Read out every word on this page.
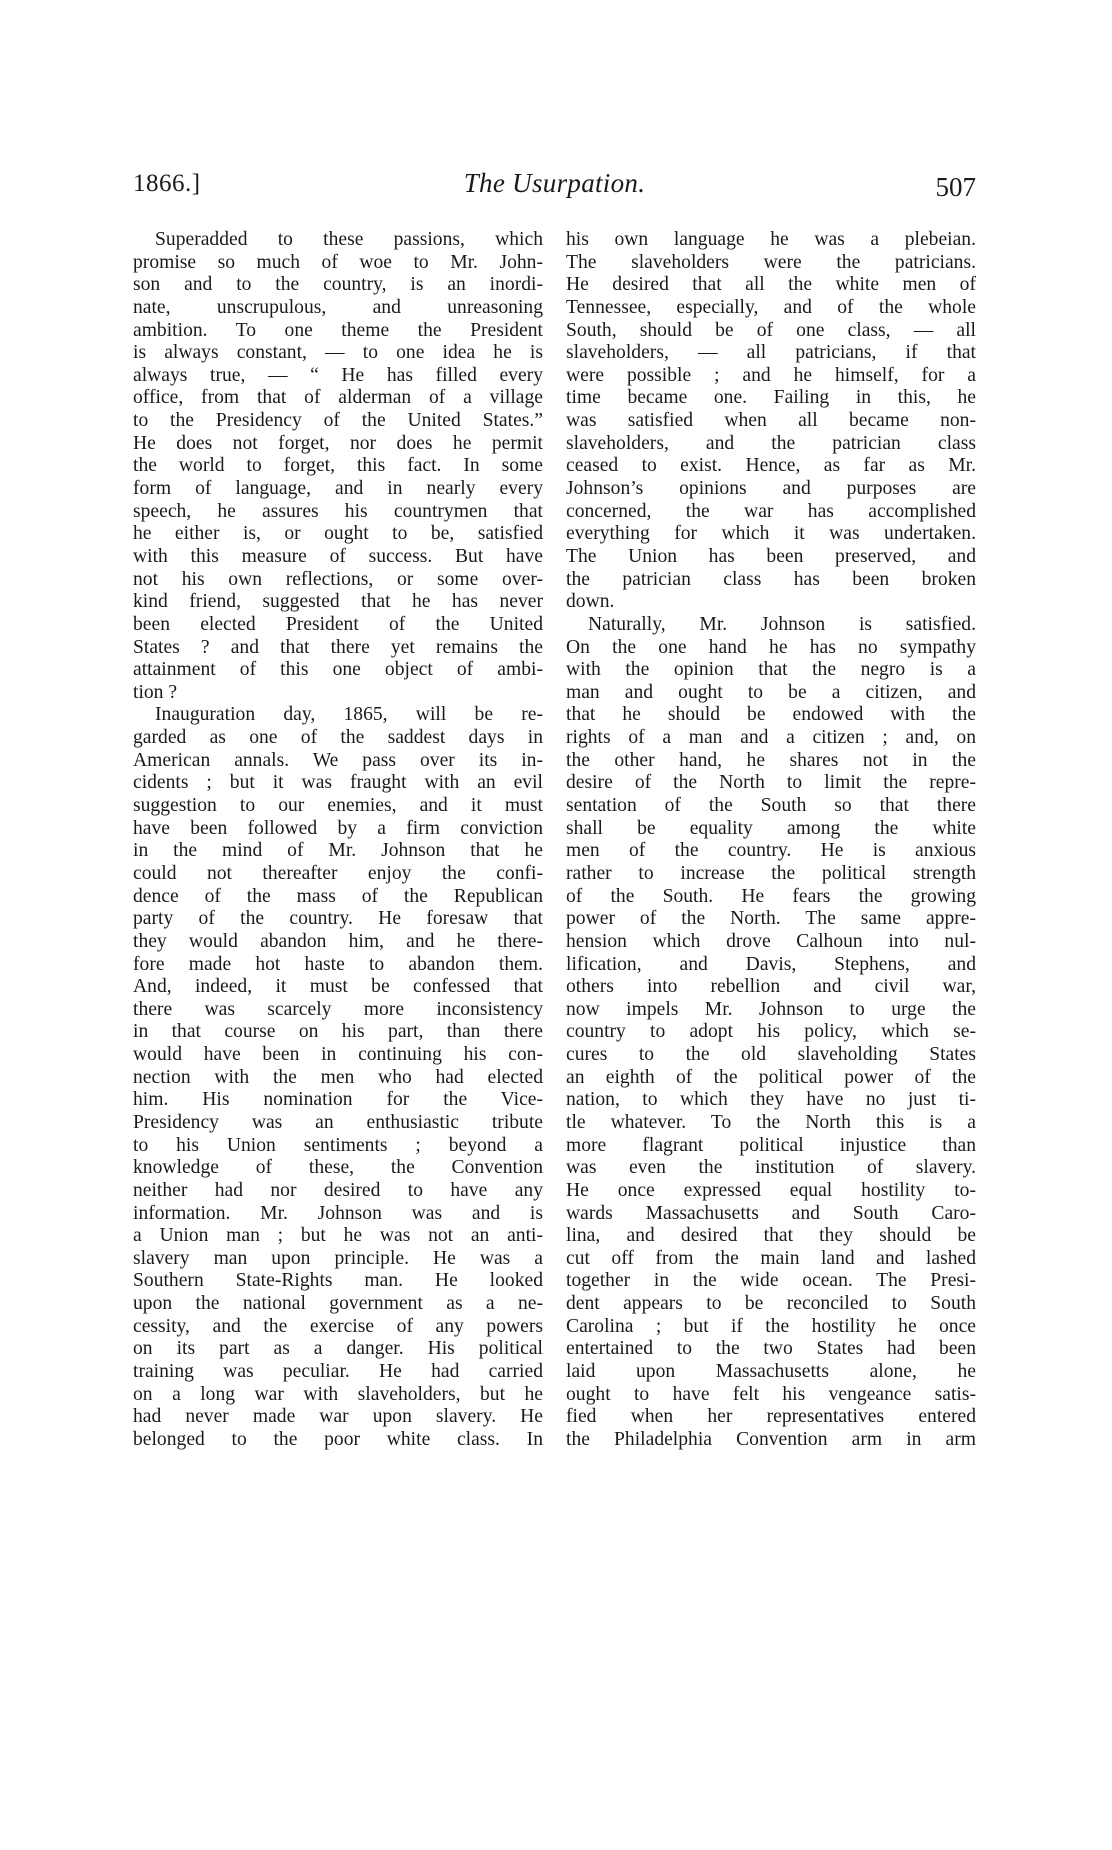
1866.]	The Usurpation.	507
Superadded to these passions, which
promise so much of woe to Mr. John-
son and to the country, is an inordi-
nate, unscrupulous, and unreasoning
ambition. To one theme the President
is always constant, — to one idea he is
always true, — “ He has filled every
office, from that of alderman of a village
to the Presidency of the United States.”
He does not forget, nor does he permit
the world to forget, this fact. In some
form of language, and in nearly every
speech, he assures his countrymen that
he either is, or ought to be, satisfied
with this measure of success. But have
not his own reflections, or some over-
kind friend, suggested that he has never
been elected President of the United
States ? and that there yet remains the
attainment of this one object of ambi-
tion ?
Inauguration day, 1865, will be re-
garded as one of the saddest days in
American annals. We pass over its in-
cidents ; but it was fraught with an evil
suggestion to our enemies, and it must
have been followed by a firm conviction
in the mind of Mr. Johnson that he
could not thereafter enjoy the confi-
dence of the mass of the Republican
party of the country. He foresaw that
they would abandon him, and he there-
fore made hot haste to abandon them.
And, indeed, it must be confessed that
there was scarcely more inconsistency
in that course on his part, than there
would have been in continuing his con-
nection with the men who had elected
him. His nomination for the Vice-
Presidency was an enthusiastic tribute
to his Union sentiments ; beyond a
knowledge of these, the Convention
neither had nor desired to have any
information. Mr. Johnson was and is
a Union man ; but he was not an anti-
slavery man upon principle. He was a
Southern State-Rights man. He looked
upon the national government as a ne-
cessity, and the exercise of any powers
on its part as a danger. His political
training was peculiar. He had carried
on a long war with slaveholders, but he
had never made war upon slavery. He
belonged to the poor white class. In
his own language he was a plebeian.
The slaveholders were the patricians.
He desired that all the white men of
Tennessee, especially, and of the whole
South, should be of one class, — all
slaveholders, — all patricians, if that
were possible ; and he himself, for a
time became one. Failing in this, he
was satisfied when all became non-
slaveholders, and the patrician class
ceased to exist. Hence, as far as Mr.
Johnson’s opinions and purposes are
concerned, the war has accomplished
everything for which it was undertaken.
The Union has been preserved, and
the patrician class has been broken
down.
Naturally, Mr. Johnson is satisfied.
On the one hand he has no sympathy
with the opinion that the negro is a
man and ought to be a citizen, and
that he should be endowed with the
rights of a man and a citizen ; and, on
the other hand, he shares not in the
desire of the North to limit the repre-
sentation of the South so that there
shall be equality among the white
men of the country. He is anxious
rather to increase the political strength
of the South. He fears the growing
power of the North. The same appre-
hension which drove Calhoun into nul-
lification, and Davis, Stephens, and
others into rebellion and civil war,
now impels Mr. Johnson to urge the
country to adopt his policy, which se-
cures to the old slaveholding States
an eighth of the political power of the
nation, to which they have no just ti-
tle whatever. To the North this is a
more flagrant political injustice than
was even the institution of slavery.
He once expressed equal hostility to-
wards Massachusetts and South Caro-
lina, and desired that they should be
cut off from the main land and lashed
together in the wide ocean. The Presi-
dent appears to be reconciled to South
Carolina ; but if the hostility he once
entertained to the two States had been
laid upon Massachusetts alone, he
ought to have felt his vengeance satis-
fied when her representatives entered
the Philadelphia Convention arm in arm
